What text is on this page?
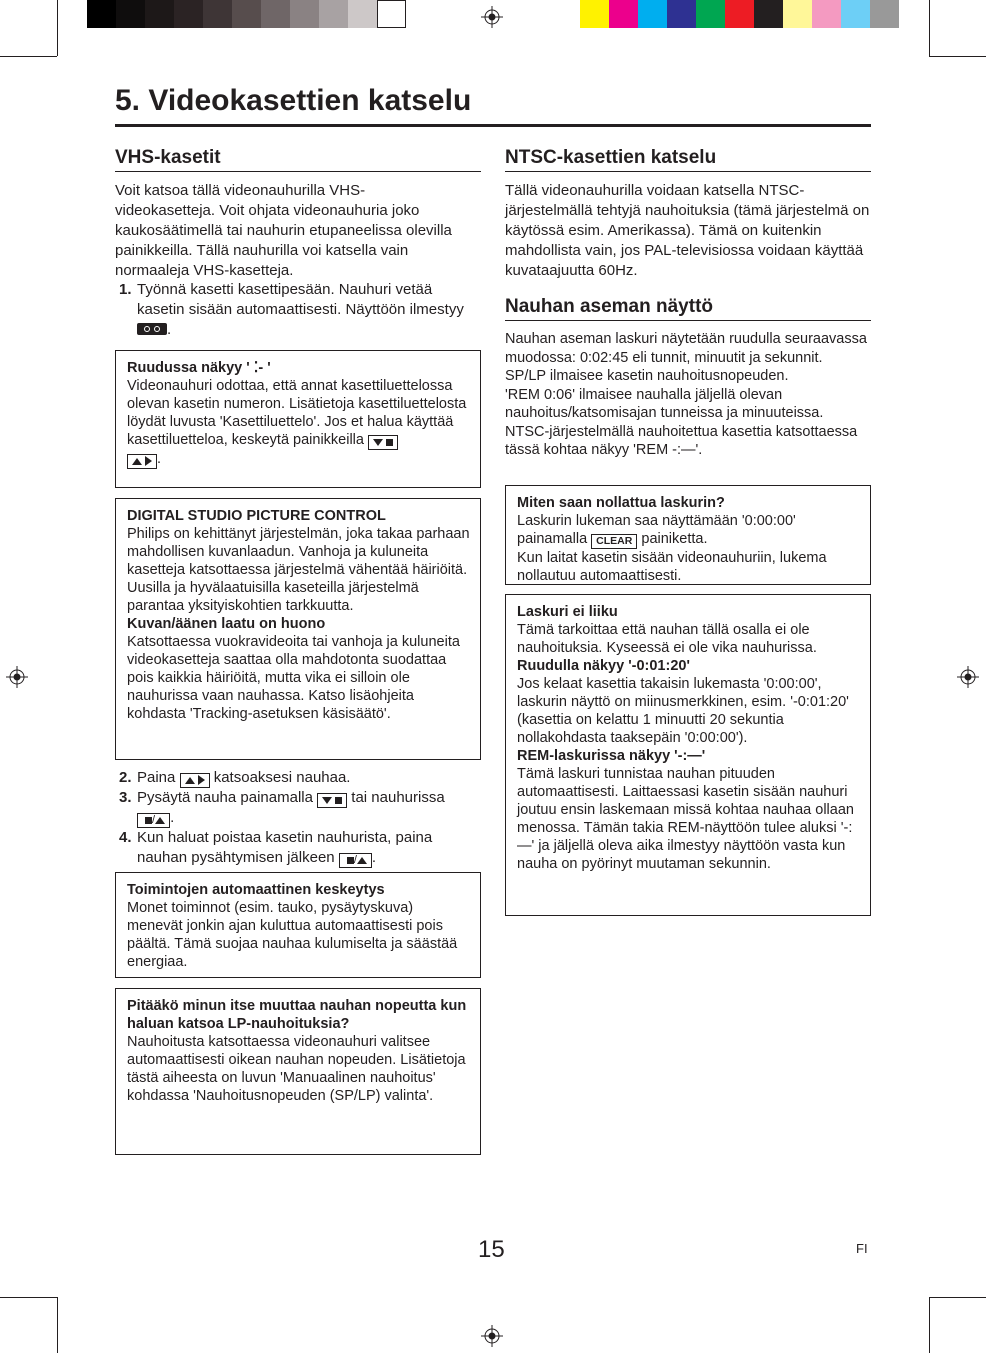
5. Videokasettien katselu
VHS-kasetit

Voit katsoa tällä videonauhurilla VHS-videokasetteja. Voit ohjata videonauhuria joko kaukosäätimellä tai nauhurin etupaneelissa olevilla painikkeilla. Tällä nauhurilla voi katsella vain normaaleja VHS-kasetteja.

1. Työnnä kasetti kasettipesään. Nauhuri vetää kasetin sisään automaattisesti. Näyttöön ilmestyy .
Ruudussa näkyy ' ⁚- '

Videonauhuri odottaa, että annat kasettiluettelossa olevan kasetin numeron. Lisätietoja kasettiluettelosta löydät luvusta 'Kasettiluettelo'. Jos et halua käyttää kasettiluetteloa, keskeytä painikkeilla
.

DIGITAL STUDIO PICTURE CONTROL

Philips on kehittänyt järjestelmän, joka takaa parhaan mahdollisen kuvanlaadun. Vanhoja ja kuluneita kasetteja katsottaessa järjestelmä vähentää häiriöitä. Uusilla ja hyvälaatuisilla kaseteilla järjestelmä parantaa yksityiskohtien tarkkuutta.

Kuvan/äänen laatu on huono

Katsottaessa vuokravideoita tai vanhoja ja kuluneita videokasetteja saattaa olla mahdotonta suodattaa pois kaikkia häiriöitä, mutta vika ei silloin ole nauhurissa vaan nauhassa. Katso lisäohjeita kohdasta 'Tracking-asetuksen käsisäätö'.

2. Paina	katsoaksesi nauhaa.
3. Pysäytä nauha painamalla	tai nauhurissa / .
4. Kun haluat poistaa kasetin nauhurista, paina nauhan pysähtymisen jälkeen / .
Toimintojen automaattinen keskeytys

Monet toiminnot (esim. tauko, pysäytyskuva) menevät jonkin ajan kuluttua automaattisesti pois päältä. Tämä suojaa nauhaa kulumiselta ja säästää energiaa.

Pitääkö minun itse muuttaa nauhan nopeutta kun haluan katsoa LP-nauhoituksia?

Nauhoitusta katsottaessa videonauhuri valitsee automaattisesti oikean nauhan nopeuden. Lisätietoja tästä aiheesta on luvun 'Manuaalinen nauhoitus' kohdassa 'Nauhoitusnopeuden (SP/LP) valinta'.

NTSC-kasettien katselu

Tällä videonauhurilla voidaan katsella NTSC-järjestelmällä tehtyjä nauhoituksia (tämä järjestelmä on käytössä esim. Amerikassa). Tämä on kuitenkin mahdollista vain, jos PAL-televisiossa voidaan käyttää kuvataajuutta 60Hz.

Nauhan aseman näyttö
Nauhan aseman laskuri näytetään ruudulla seuraavassa muodossa: 0:02:45 eli tunnit, minuutit ja sekunnit.
SP/LP ilmaisee kasetin nauhoitusnopeuden.
'REM 0:06' ilmaisee nauhalla jäljellä olevan nauhoitus/katsomisajan tunneissa ja minuuteissa.
NTSC-järjestelmällä nauhoitettua kasettia katsottaessa tässä kohtaa näkyy 'REM -:—'.
Miten saan nollattua laskurin?

Laskurin lukeman saa näyttämään '0:00:00' painamalla CLEAR painiketta.

Kun laitat kasetin sisään videonauhuriin, lukema nollautuu automaattisesti.

Laskuri ei liiku

Tämä tarkoittaa että nauhan tällä osalla ei ole nauhoituksia. Kyseessä ei ole vika nauhurissa.

Ruudulla näkyy '-0:01:20'

Jos kelaat kasettia takaisin lukemasta '0:00:00', laskurin näyttö on miinusmerkkinen, esim. '-0:01:20' (kasettia on kelattu 1 minuutti 20 sekuntia nollakohdasta taaksepäin '0:00:00').

REM-laskurissa näkyy '-:—'

Tämä laskuri tunnistaa nauhan pituuden automaattisesti. Laittaessasi kasetin sisään nauhuri joutuu ensin laskemaan missä kohtaa nauhaa ollaan menossa. Tämän takia REM-näyttöön tulee aluksi '-:—' ja jäljellä oleva aika ilmestyy näyttöön vasta kun nauha on pyörinyt muutaman sekunnin.

15	FI
